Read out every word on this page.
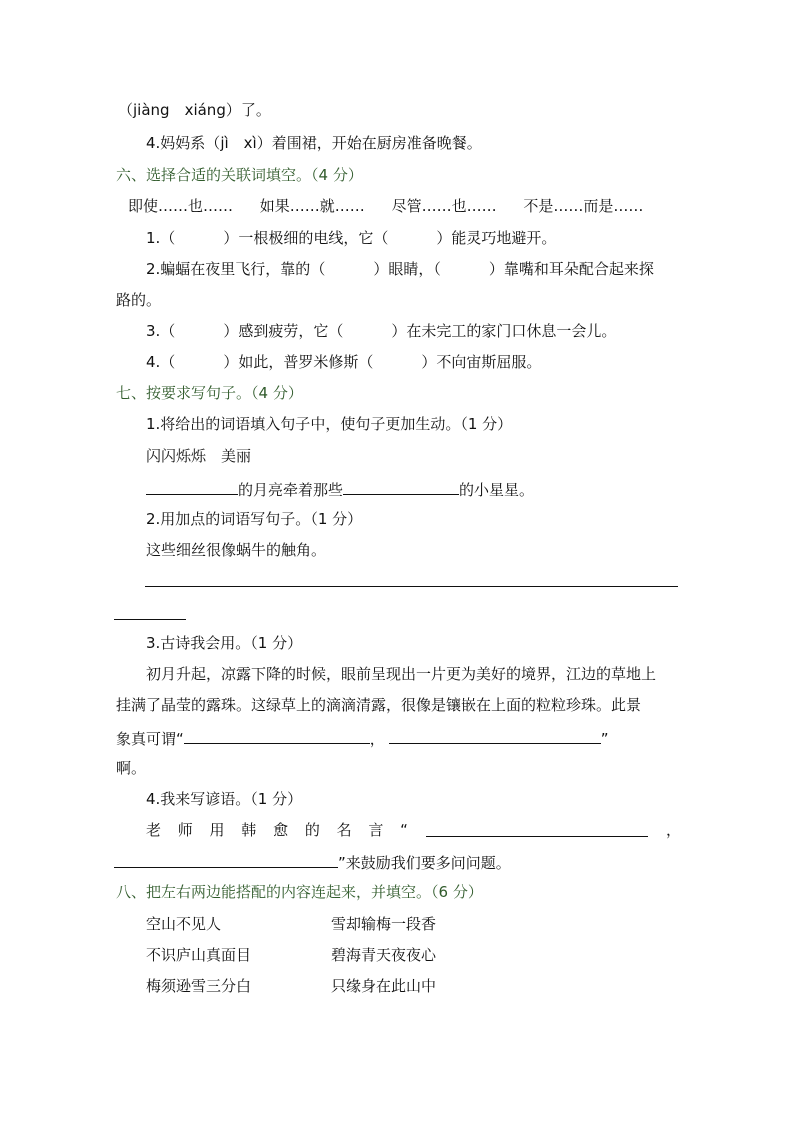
（jiàng　xiáng）了。
4.妈妈系（jì　xì）着围裙，开始在厨房准备晚餐。
六、选择合适的关联词填空。（4 分）
即使……也…… 如果……就…… 尽管……也…… 不是……而是……
1.（	）一根极细的电线，它（	）能灵巧地避开。
2.蝙蝠在夜里飞行，靠的（	）眼睛，（	）靠嘴和耳朵配合起来探
路的。
3.（	）感到疲劳，它（	）在未完工的家门口休息一会儿。
4.（	）如此，普罗米修斯（	）不向宙斯屈服。
七、按要求写句子。（4 分）
1.将给出的词语填入句子中，使句子更加生动。（1 分）
闪闪烁烁　美丽
的月亮牵着那些	的小星星。
2.用加点的词语写句子。（1 分）
这些细丝很像蜗牛的触角。
3.古诗我会用。（1 分）
初月升起，凉露下降的时候，眼前呈现出一片更为美好的境界，江边的草地上
挂满了晶莹的露珠。这绿草上的滴滴清露，很像是镶嵌在上面的粒粒珍珠。此景
象真可谓“	，	”
啊。
4.我来写谚语。（1 分）
老 师 用 韩 愈 的 名 言 “	，
”来鼓励我们要多问问题。
八、把左右两边能搭配的内容连起来，并填空。（6 分）
空山不见人	雪却输梅一段香
不识庐山真面目	碧海青天夜夜心
梅须逊雪三分白	只缘身在此山中
